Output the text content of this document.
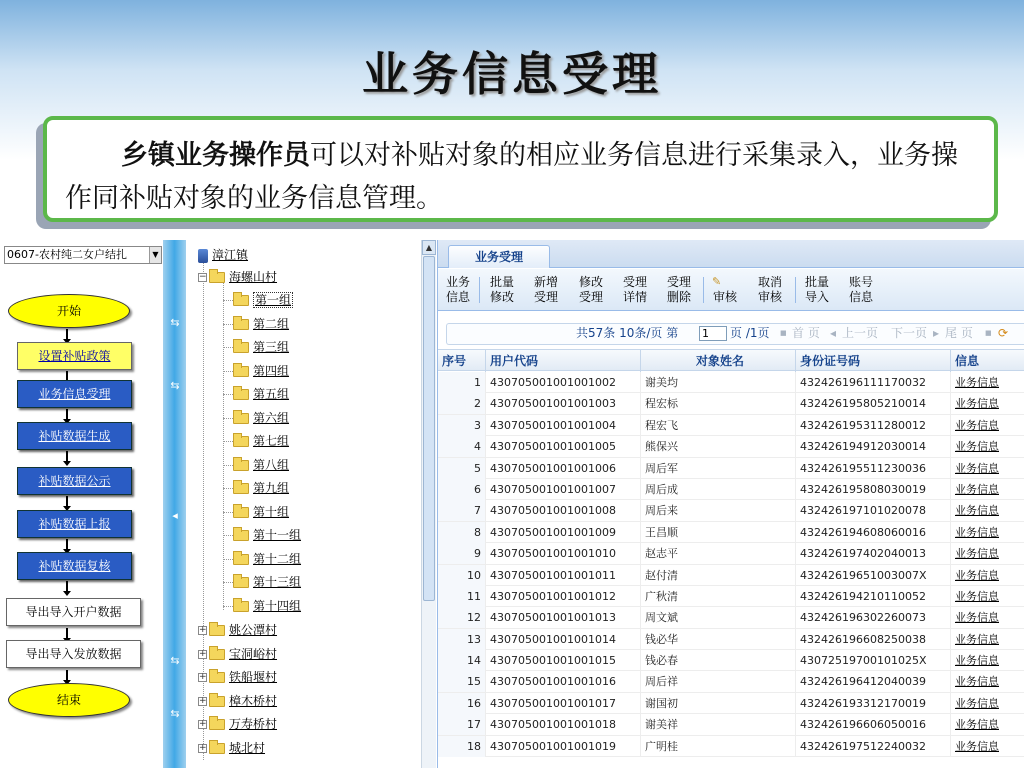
业务信息受理
乡镇业务操作员可以对补贴对象的相应业务信息进行采集录入，业务操作同补贴对象的业务信息管理。
0607-农村纯二女户结扎	▼
开始
设置补贴政策
业务信息受理
补贴数据生成
补贴数据公示
补贴数据上报
补贴数据复核
导出导入开户数据
导出导入发放数据
结束
⇆
⇆
◂
⇆
⇆
漳江镇
− 海螺山村
第一组
第二组
第三组
第四组
第五组
第六组
第七组
第八组
第九组
第十组
第十一组
第十二组
第十三组
第十四组
+ 姚公潭村
+ 宝洞峪村
+ 铁船堰村
+ 樟木桥村
+ 万寿桥村
+ 城北村
▲
业务受理
业务
信息
批量
修改
新增
受理
修改
受理
受理
详情
受理
删除
✎
审核
取消
审核
批量
导入
账号
信息
共57条 10条/页 第 1	页 /1页 ■ 首 页 ◂ 上一页 下一页 ▸ 尾 页 ■ ⟳
序号	用户代码	对象姓名	身份证号码	信息
1 430705001001001002	谢美均	432426196111170032	业务信息
2 430705001001001003	程宏标	432426195805210014	业务信息
3 430705001001001004	程宏飞	432426195311280012	业务信息
4 430705001001001005	熊保兴	432426194912030014	业务信息
5 430705001001001006	周后军	432426195511230036	业务信息
6 430705001001001007	周后成	432426195808030019	业务信息
7 430705001001001008	周后来	432426197101020078	业务信息
8 430705001001001009	王昌顺	432426194608060016	业务信息
9 430705001001001010	赵志平	432426197402040013	业务信息
10 430705001001001011	赵付清	43242619651003007X	业务信息
11 430705001001001012	广秋清	432426194210110052	业务信息
12 430705001001001013	周文斌	432426196302260073	业务信息
13 430705001001001014	钱必华	432426196608250038	业务信息
14 430705001001001015	钱必春	43072519700101025X	业务信息
15 430705001001001016	周后祥	432426196412040039	业务信息
16 430705001001001017	谢国初	432426193312170019	业务信息
17 430705001001001018	谢美祥	432426196606050016	业务信息
18 430705001001001019	广明桂	432426197512240032	业务信息
